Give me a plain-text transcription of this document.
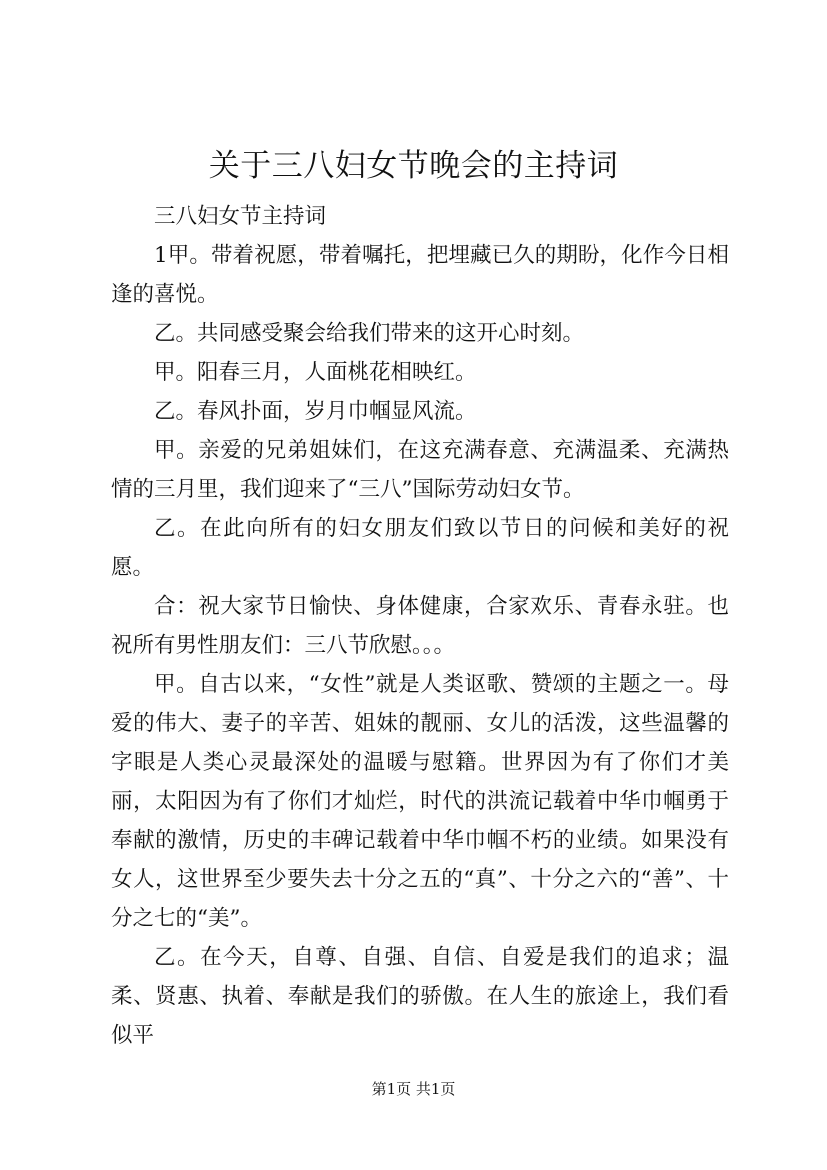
关于三八妇女节晚会的主持词

三八妇女节主持词

1甲。带着祝愿，带着嘱托，把埋藏已久的期盼，化作今日相逢的喜悦。

乙。共同感受聚会给我们带来的这开心时刻。

甲。阳春三月，人面桃花相映红。

乙。春风扑面，岁月巾帼显风流。

甲。亲爱的兄弟姐妹们，在这充满春意、充满温柔、充满热情的三月里，我们迎来了“三八”国际劳动妇女节。

乙。在此向所有的妇女朋友们致以节日的问候和美好的祝愿。

合：祝大家节日愉快、身体健康，合家欢乐、青春永驻。也祝所有男性朋友们：三八节欣慰。。。

甲。自古以来，“女性”就是人类讴歌、赞颂的主题之一。母爱的伟大、妻子的辛苦、姐妹的靓丽、女儿的活泼，这些温馨的字眼是人类心灵最深处的温暖与慰籍。世界因为有了你们才美丽，太阳因为有了你们才灿烂，时代的洪流记载着中华巾帼勇于奉献的激情，历史的丰碑记载着中华巾帼不朽的业绩。如果没有女人，这世界至少要失去十分之五的“真”、十分之六的“善”、十分之七的“美”。

乙。在今天，自尊、自强、自信、自爱是我们的追求；温柔、贤惠、执着、奉献是我们的骄傲。在人生的旅途上，我们看似平

第1页 共1页
